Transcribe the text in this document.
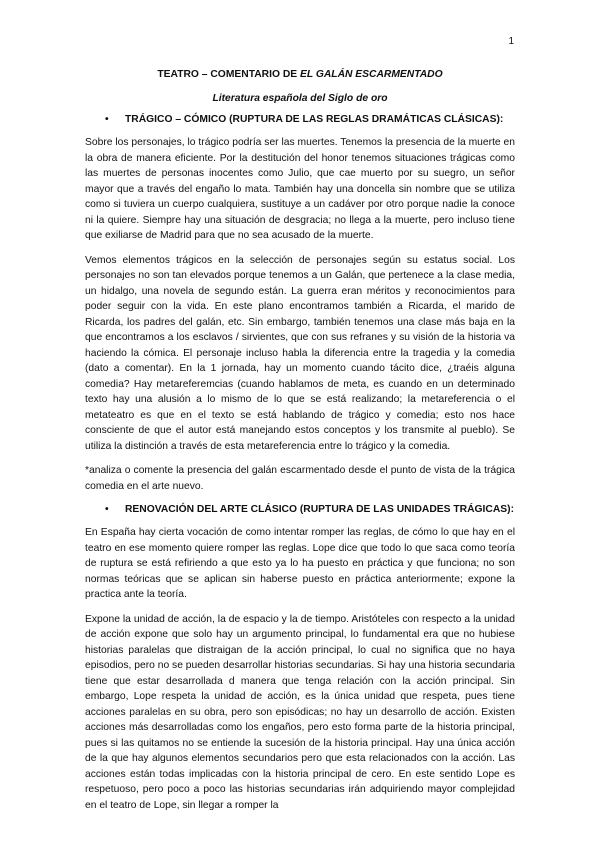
1
TEATRO – COMENTARIO DE EL GALÁN ESCARMENTADO
Literatura española del Siglo de oro
• TRÁGICO – CÓMICO (RUPTURA DE LAS REGLAS DRAMÁTICAS CLÁSICAS):

Sobre los personajes, lo trágico podría ser las muertes. Tenemos la presencia de la muerte en la obra de manera eficiente. Por la destitución del honor tenemos situaciones trágicas como las muertes de personas inocentes como Julio, que cae muerto por su suegro, un señor mayor que a través del engaño lo mata. También hay una doncella sin nombre que se utiliza como si tuviera un cuerpo cualquiera, sustituye a un cadáver por otro porque nadie la conoce ni la quiere. Siempre hay una situación de desgracia; no llega a la muerte, pero incluso tiene que exiliarse de Madrid para que no sea acusado de la muerte.

Vemos elementos trágicos en la selección de personajes según su estatus social. Los personajes no son tan elevados porque tenemos a un Galán, que pertenece a la clase media, un hidalgo, una novela de segundo están. La guerra eran méritos y reconocimientos para poder seguir con la vida. En este plano encontramos también a Ricarda, el marido de Ricarda, los padres del galán, etc. Sin embargo, también tenemos una clase más baja en la que encontramos a los esclavos / sirvientes, que con sus refranes y su visión de la historia va haciendo la cómica. El personaje incluso habla la diferencia entre la tragedia y la comedia (dato a comentar). En la 1 jornada, hay un momento cuando tácito dice, ¿traéis alguna comedia? Hay metareferemcias (cuando hablamos de meta, es cuando en un determinado texto hay una alusión a lo mismo de lo que se está realizando; la metareferencia o el metateatro es que en el texto se está hablando de trágico y comedia; esto nos hace consciente de que el autor está manejando estos conceptos y los transmite al pueblo). Se utiliza la distinción a través de esta metareferencia entre lo trágico y la comedia.

*analiza o comente la presencia del galán escarmentado desde el punto de vista de la trágica comedia en el arte nuevo.

• RENOVACIÓN DEL ARTE CLÁSICO (RUPTURA DE LAS UNIDADES TRÁGICAS):

En España hay cierta vocación de como intentar romper las reglas, de cómo lo que hay en el teatro en ese momento quiere romper las reglas. Lope dice que todo lo que saca como teoría de ruptura se está refiriendo a que esto ya lo ha puesto en práctica y que funciona; no son normas teóricas que se aplican sin haberse puesto en práctica anteriormente; expone la practica ante la teoría.

Expone la unidad de acción, la de espacio y la de tiempo. Aristóteles con respecto a la unidad de acción expone que solo hay un argumento principal, lo fundamental era que no hubiese historias paralelas que distraigan de la acción principal, lo cual no significa que no haya episodios, pero no se pueden desarrollar historias secundarias. Si hay una historia secundaria tiene que estar desarrollada d manera que tenga relación con la acción principal. Sin embargo, Lope respeta la unidad de acción, es la única unidad que respeta, pues tiene acciones paralelas en su obra, pero son episódicas; no hay un desarrollo de acción. Existen acciones más desarrolladas como los engaños, pero esto forma parte de la historia principal, pues si las quitamos no se entiende la sucesión de la historia principal. Hay una única acción de la que hay algunos elementos secundarios pero que esta relacionados con la acción. Las acciones están todas implicadas con la historia principal de cero. En este sentido Lope es respetuoso, pero poco a poco las historias secundarias irán adquiriendo mayor complejidad en el teatro de Lope, sin llegar a romper la
